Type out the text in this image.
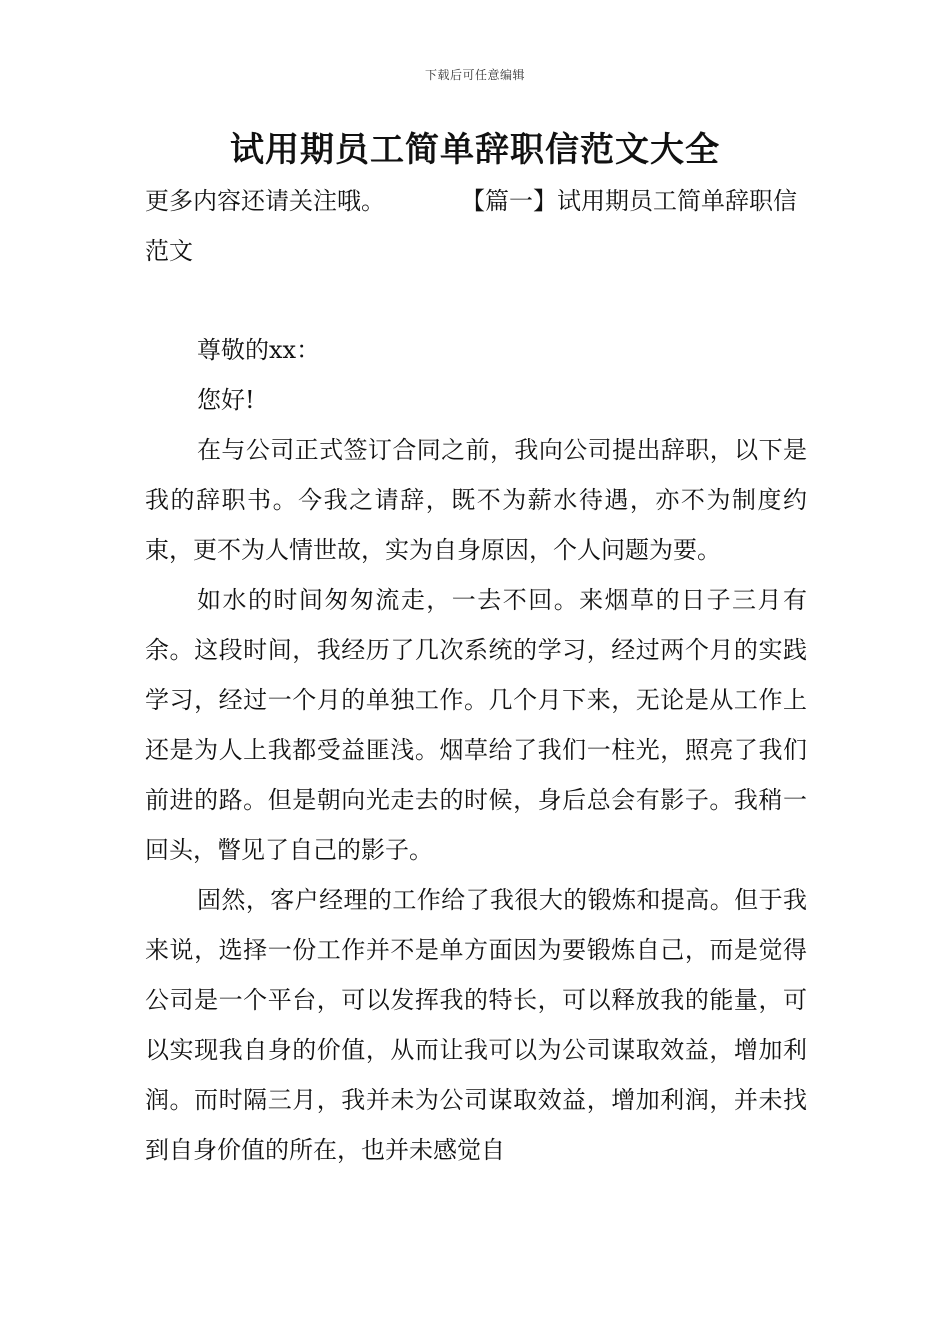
下载后可任意编辑
试用期员工简单辞职信范文大全
更多内容还请关注哦。	【篇一】试用期员工简单辞职信范文
尊敬的xx：
您好!

在与公司正式签订合同之前，我向公司提出辞职，以下是我的辞职书。今我之请辞，既不为薪水待遇，亦不为制度约束，更不为人情世故，实为自身原因，个人问题为要。

如水的时间匆匆流走，一去不回。来烟草的日子三月有余。这段时间，我经历了几次系统的学习，经过两个月的实践学习，经过一个月的单独工作。几个月下来，无论是从工作上还是为人上我都受益匪浅。烟草给了我们一柱光，照亮了我们前进的路。但是朝向光走去的时候，身后总会有影子。我稍一回头，瞥见了自己的影子。

固然，客户经理的工作给了我很大的锻炼和提高。但于我来说，选择一份工作并不是单方面因为要锻炼自己，而是觉得公司是一个平台，可以发挥我的特长，可以释放我的能量，可以实现我自身的价值，从而让我可以为公司谋取效益，增加利润。而时隔三月，我并未为公司谋取效益，增加利润，并未找到自身价值的所在，也并未感觉自
